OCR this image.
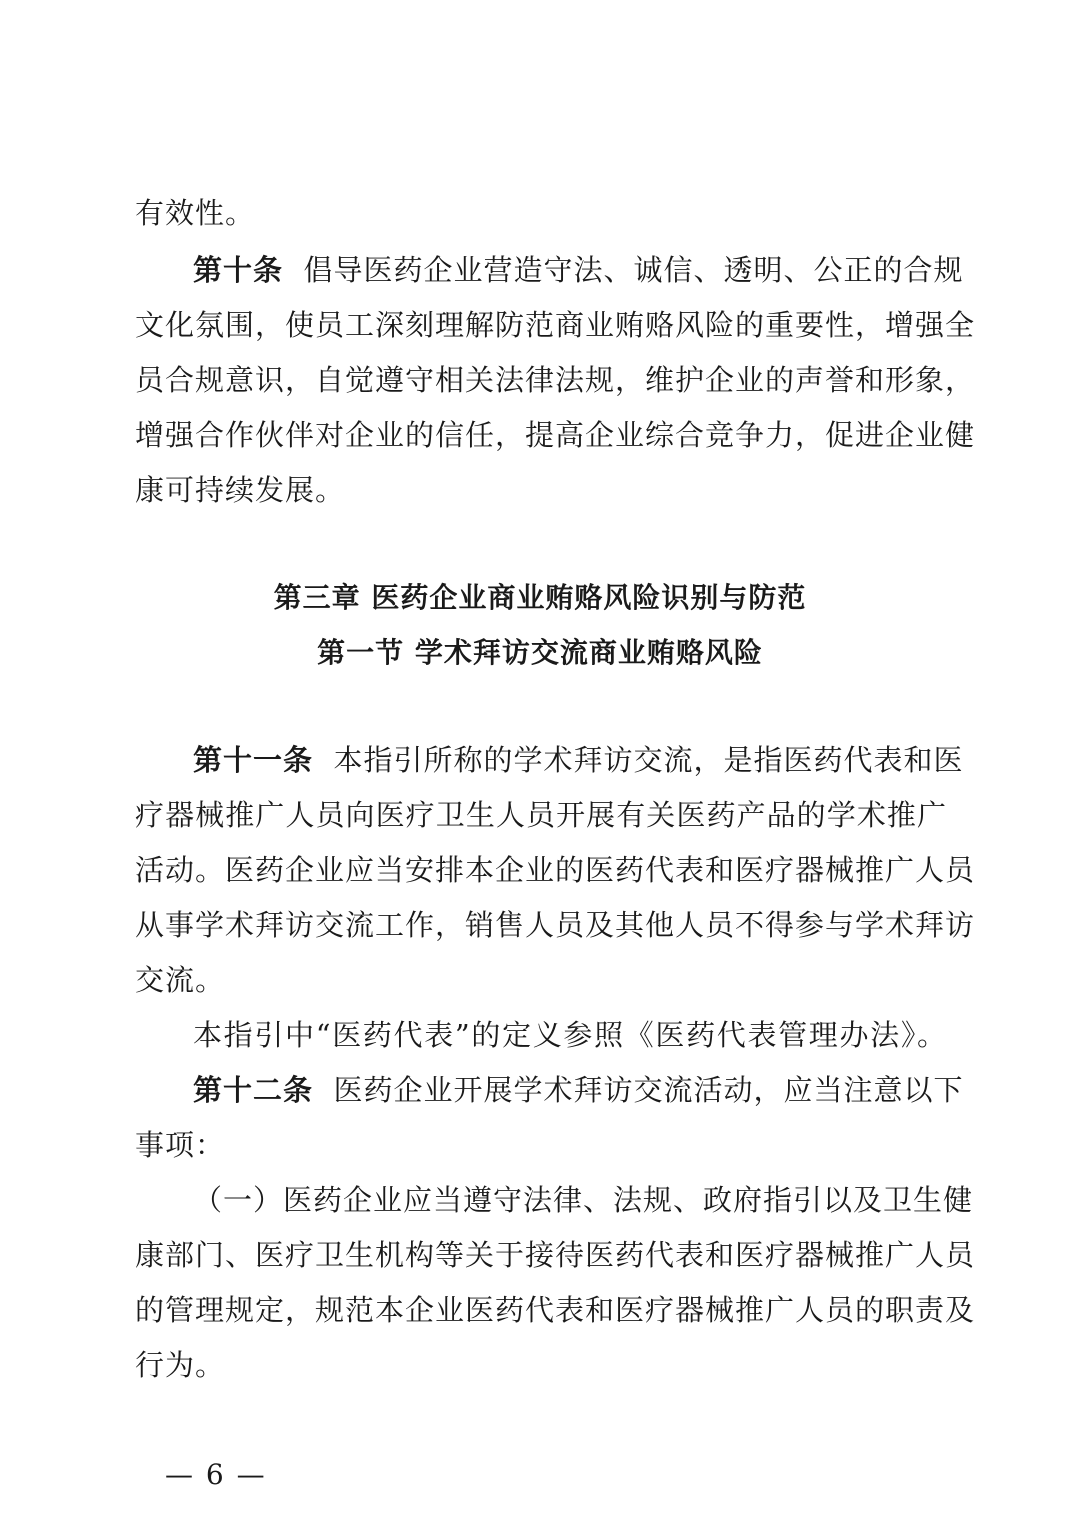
有效性。
第十条 倡导医药企业营造守法、诚信、透明、公正的合规
文化氛围，使员工深刻理解防范商业贿赂风险的重要性，增强全
员合规意识，自觉遵守相关法律法规，维护企业的声誉和形象，
增强合作伙伴对企业的信任，提高企业综合竞争力，促进企业健
康可持续发展。
第三章 医药企业商业贿赂风险识别与防范
第一节 学术拜访交流商业贿赂风险
第十一条 本指引所称的学术拜访交流，是指医药代表和医
疗器械推广人员向医疗卫生人员开展有关医药产品的学术推广
活动。医药企业应当安排本企业的医药代表和医疗器械推广人员
从事学术拜访交流工作，销售人员及其他人员不得参与学术拜访
交流。
本指引中“医药代表”的定义参照《医药代表管理办法》。
第十二条 医药企业开展学术拜访交流活动，应当注意以下
事项：
（一）医药企业应当遵守法律、法规、政府指引以及卫生健
康部门、医疗卫生机构等关于接待医药代表和医疗器械推广人员
的管理规定，规范本企业医药代表和医疗器械推广人员的职责及
行为。
— 6 —
